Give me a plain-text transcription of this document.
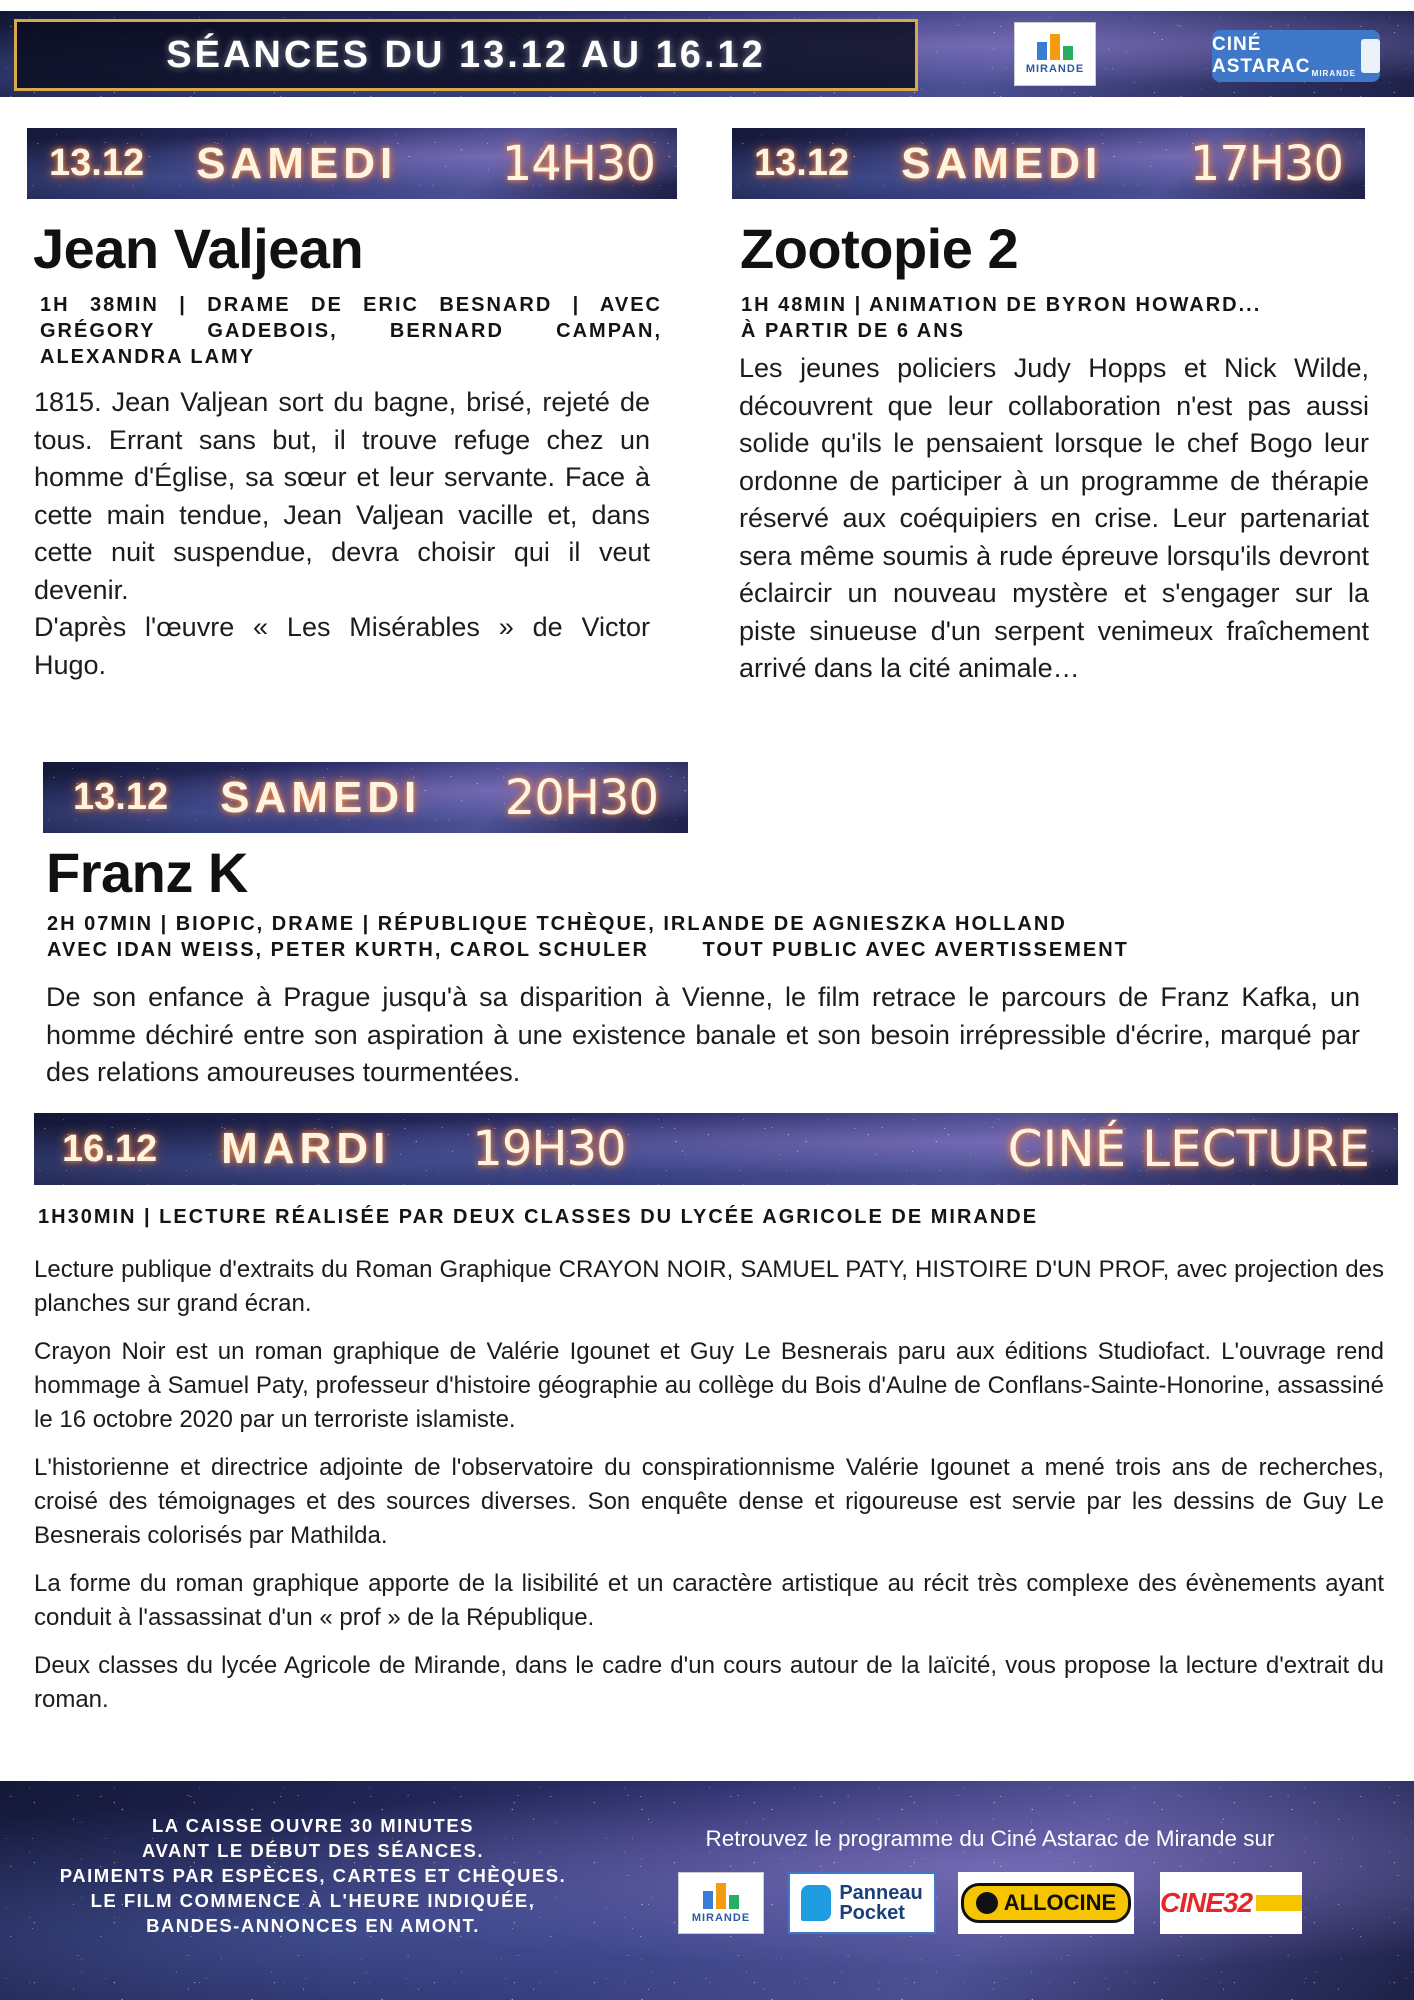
SÉANCES DU 13.12 AU 16.12	MIRANDE
CINÉ ASTARAC MIRANDE
13.12 SAMEDI 14H30	13.12 SAMEDI 17H30
Jean Valjean
1H 38MIN | DRAME DE ERIC BESNARD | AVEC GRÉGORY GADEBOIS, BERNARD CAMPAN, ALEXANDRA LAMY

1815. Jean Valjean sort du bagne, brisé, rejeté de tous. Errant sans but, il trouve refuge chez un homme d'Église, sa sœur et leur servante. Face à cette main tendue, Jean Valjean vacille et, dans cette nuit suspendue, devra choisir qui il veut devenir.

D'après l'œuvre « Les Misérables » de Victor Hugo.

Zootopie 2
1H 48MIN | ANIMATION DE BYRON HOWARD...
À PARTIR DE 6 ANS

Les jeunes policiers Judy Hopps et Nick Wilde, découvrent que leur collaboration n'est pas aussi solide qu'ils le pensaient lorsque le chef Bogo leur ordonne de participer à un programme de thérapie réservé aux coéquipiers en crise. Leur partenariat sera même soumis à rude épreuve lorsqu'ils devront éclaircir un nouveau mystère et s'engager sur la piste sinueuse d'un serpent venimeux fraîchement arrivé dans la cité animale…

13.12 SAMEDI 20H30
Franz K
2H 07MIN | BIOPIC, DRAME | RÉPUBLIQUE TCHÈQUE, IRLANDE DE AGNIESZKA HOLLAND
AVEC IDAN WEISS, PETER KURTH, CAROL SCHULER	TOUT PUBLIC AVEC AVERTISSEMENT

De son enfance à Prague jusqu'à sa disparition à Vienne, le film retrace le parcours de Franz Kafka, un homme déchiré entre son aspiration à une existence banale et son besoin irrépressible d'écrire, marqué par des relations amoureuses tourmentées.

16.12 MARDI 19H30	CINÉ LECTURE
1H30MIN | LECTURE RÉALISÉE PAR DEUX CLASSES DU LYCÉE AGRICOLE DE MIRANDE

Lecture publique d'extraits du Roman Graphique CRAYON NOIR, SAMUEL PATY, HISTOIRE D'UN PROF, avec projection des planches sur grand écran.

Crayon Noir est un roman graphique de Valérie Igounet et Guy Le Besnerais paru aux éditions Studiofact. L'ouvrage rend hommage à Samuel Paty, professeur d'histoire géographie au collège du Bois d'Aulne de Conflans-Sainte-Honorine, assassiné le 16 octobre 2020 par un terroriste islamiste.

L'historienne et directrice adjointe de l'observatoire du conspirationnisme Valérie Igounet a mené trois ans de recherches, croisé des témoignages et des sources diverses. Son enquête dense et rigoureuse est servie par les dessins de Guy Le Besnerais colorisés par Mathilda.

La forme du roman graphique apporte de la lisibilité et un caractère artistique au récit très complexe des évènements ayant conduit à l'assassinat d'un « prof » de la République.

Deux classes du lycée Agricole de Mirande, dans le cadre d'un cours autour de la laïcité, vous propose la lecture d'extrait du roman.

LA CAISSE OUVRE 30 MINUTES
AVANT LE DÉBUT DES SÉANCES.
PAIMENTS PAR ESPÈCES, CARTES ET CHÈQUES.
LE FILM COMMENCE À L'HEURE INDIQUÉE,
BANDES-ANNONCES EN AMONT.
Retrouvez le programme du Ciné Astarac de Mirande sur
MIRANDE
Panneau
Pocket	ALLOCINE CINE32
